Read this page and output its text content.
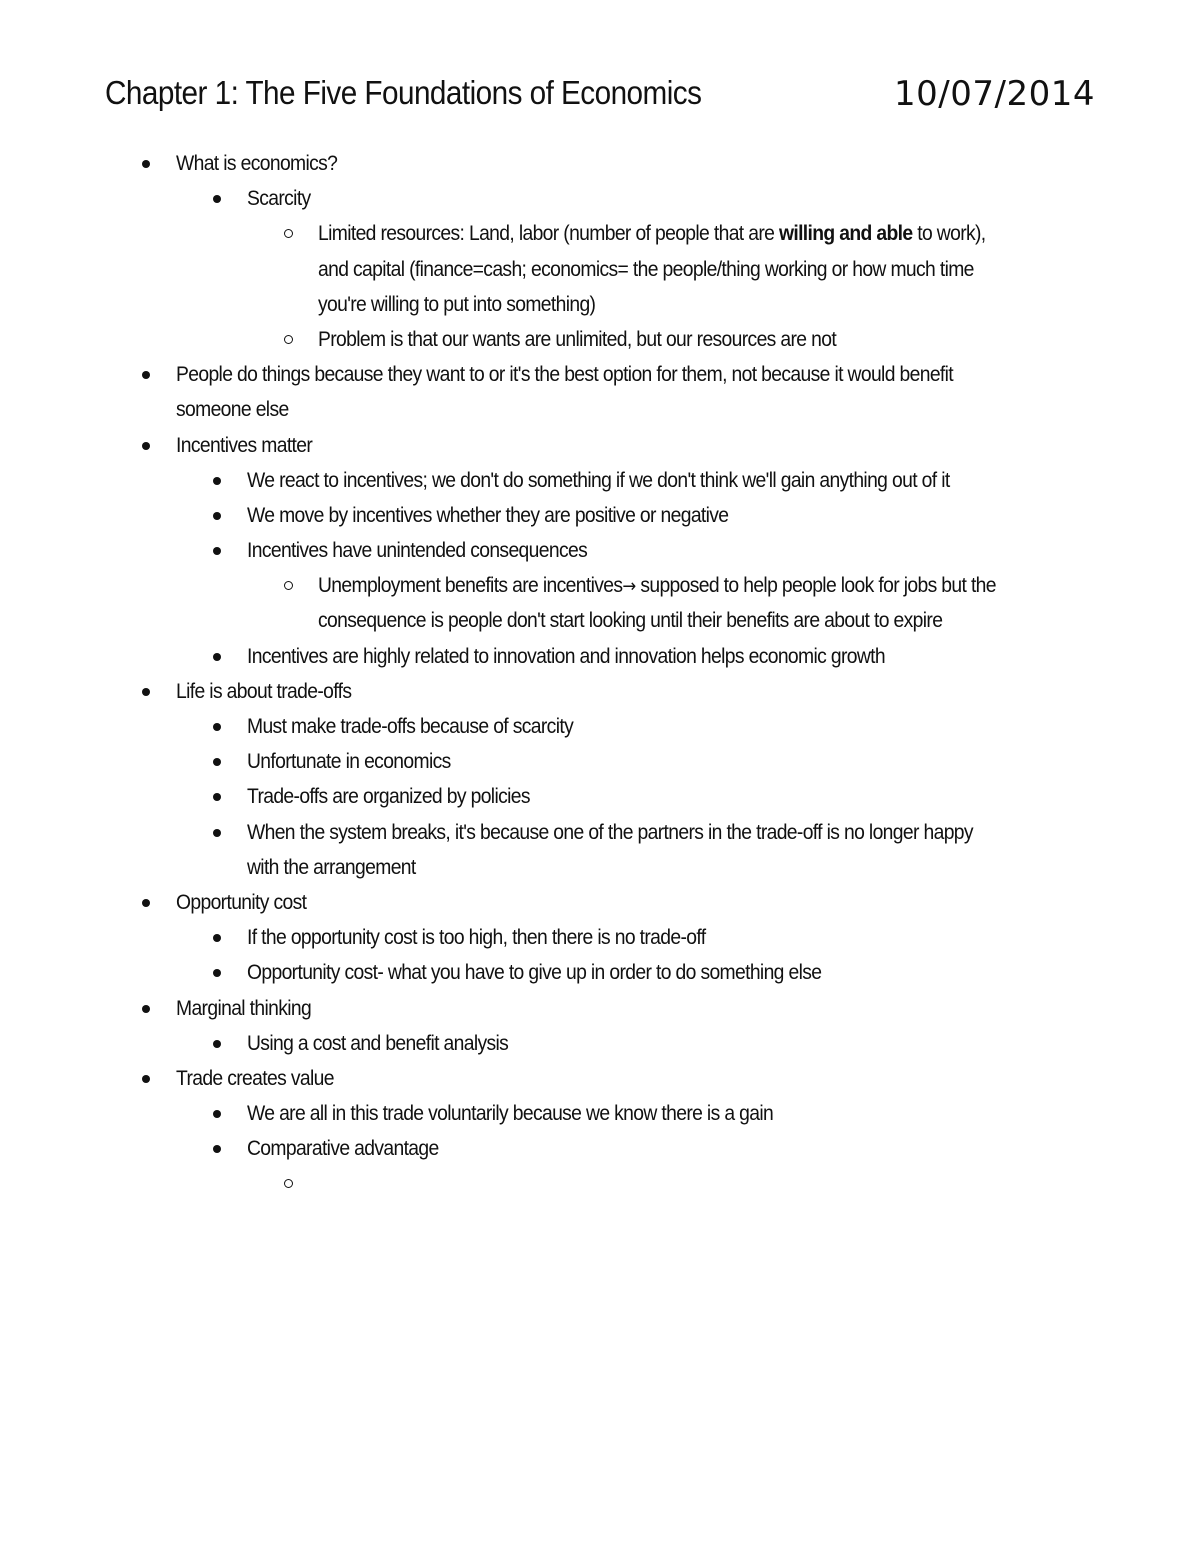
Chapter 1: The Five Foundations of Economics	10/07/2014
What is economics?
Scarcity
Limited resources: Land, labor (number of people that are willing and able to work),
and capital (finance=cash; economics= the people/thing working or how much time
you're willing to put into something)
Problem is that our wants are unlimited, but our resources are not
People do things because they want to or it's the best option for them, not because it would benefit
someone else
Incentives matter
We react to incentives; we don't do something if we don't think we'll gain anything out of it
We move by incentives whether they are positive or negative
Incentives have unintended consequences
Unemployment benefits are incentives→ supposed to help people look for jobs but the
consequence is people don't start looking until their benefits are about to expire
Incentives are highly related to innovation and innovation helps economic growth
Life is about trade-offs
Must make trade-offs because of scarcity
Unfortunate in economics
Trade-offs are organized by policies
When the system breaks, it's because one of the partners in the trade-off is no longer happy
with the arrangement
Opportunity cost
If the opportunity cost is too high, then there is no trade-off
Opportunity cost- what you have to give up in order to do something else
Marginal thinking
Using a cost and benefit analysis
Trade creates value
We are all in this trade voluntarily because we know there is a gain
Comparative advantage
